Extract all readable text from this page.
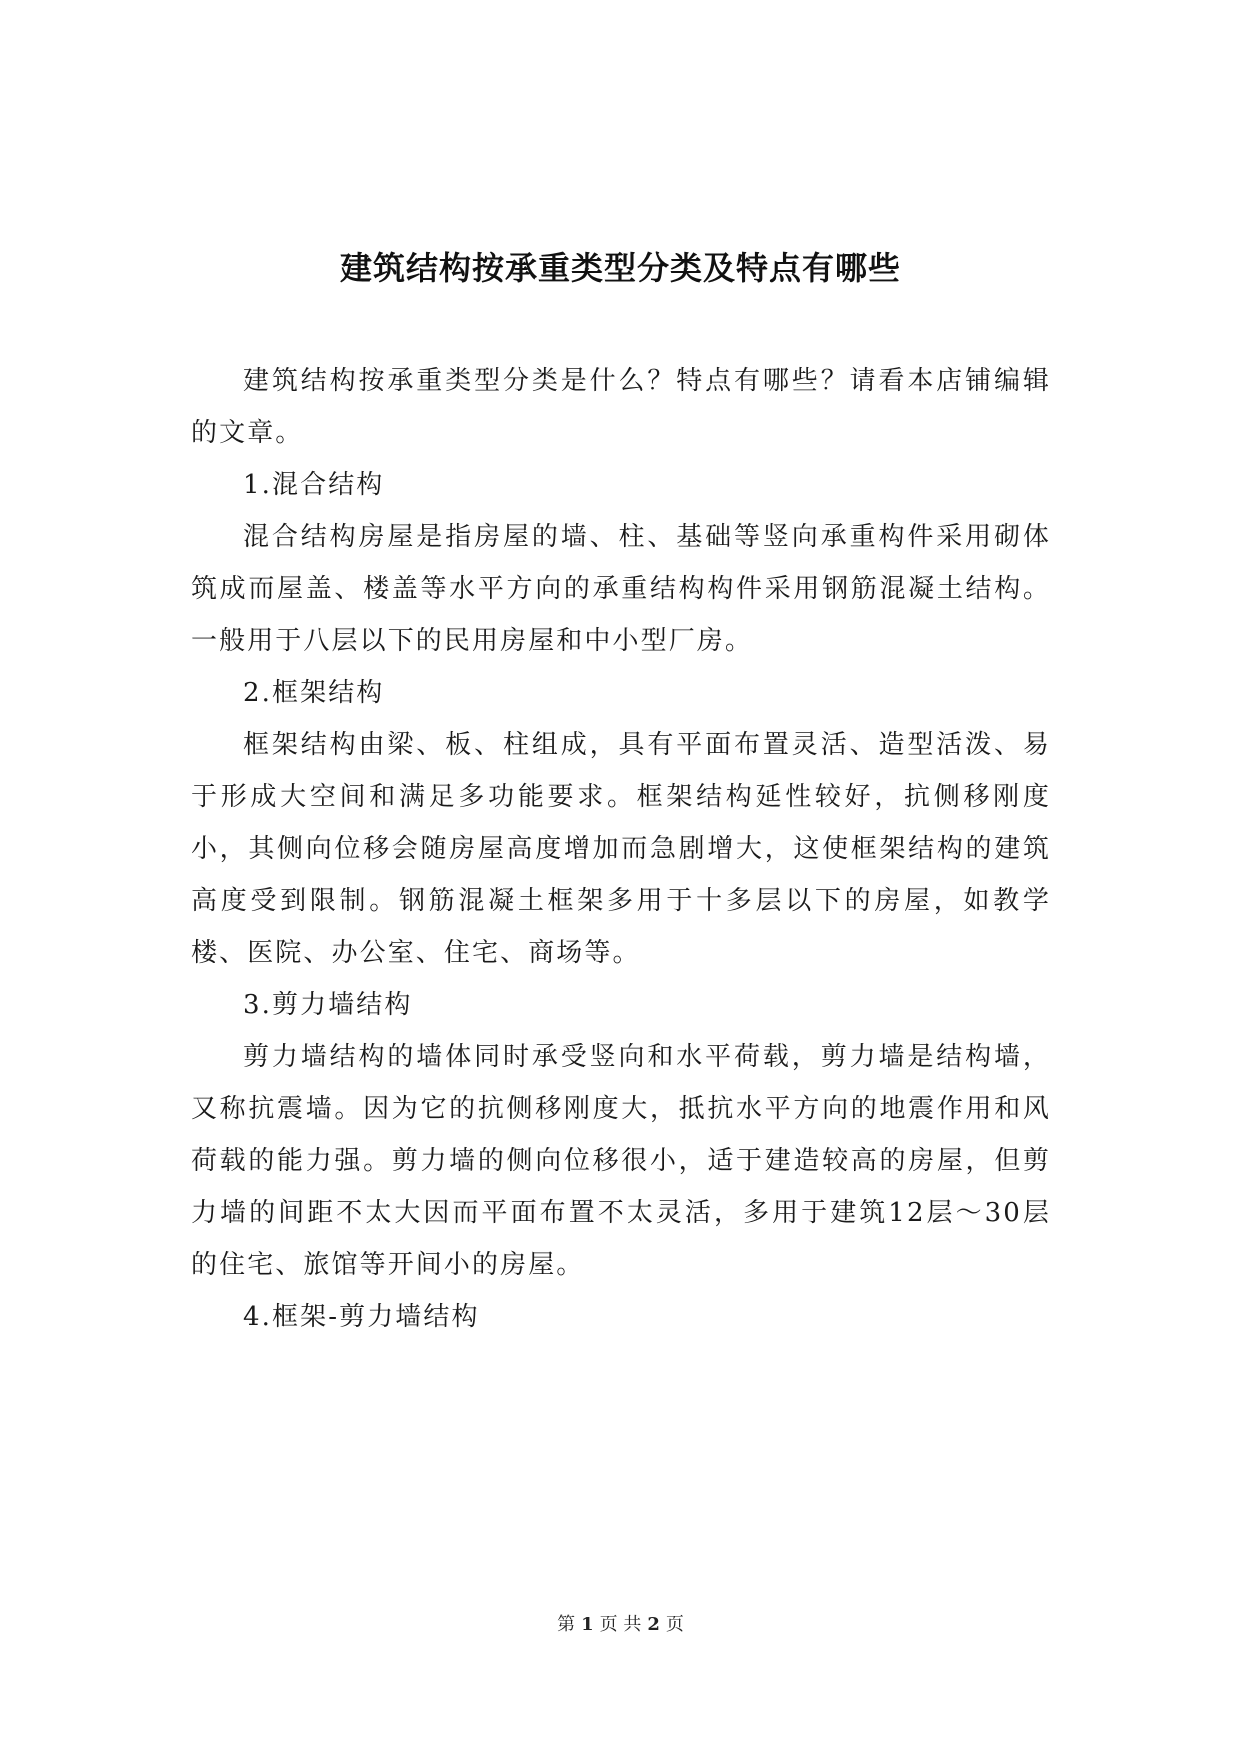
建筑结构按承重类型分类及特点有哪些

建筑结构按承重类型分类是什么？特点有哪些？请看本店铺编辑的文章。

1.混合结构

混合结构房屋是指房屋的墙、柱、基础等竖向承重构件采用砌体筑成而屋盖、楼盖等水平方向的承重结构构件采用钢筋混凝土结构。一般用于八层以下的民用房屋和中小型厂房。

2.框架结构

框架结构由梁、板、柱组成，具有平面布置灵活、造型活泼、易于形成大空间和满足多功能要求。框架结构延性较好，抗侧移刚度小，其侧向位移会随房屋高度增加而急剧增大，这使框架结构的建筑高度受到限制。钢筋混凝土框架多用于十多层以下的房屋，如教学楼、医院、办公室、住宅、商场等。

3.剪力墙结构

剪力墙结构的墙体同时承受竖向和水平荷载，剪力墙是结构墙，又称抗震墙。因为它的抗侧移刚度大，抵抗水平方向的地震作用和风荷载的能力强。剪力墙的侧向位移很小，适于建造较高的房屋，但剪力墙的间距不太大因而平面布置不太灵活，多用于建筑12层～30层的住宅、旅馆等开间小的房屋。

4.框架-剪力墙结构

第 1 页 共 2 页
